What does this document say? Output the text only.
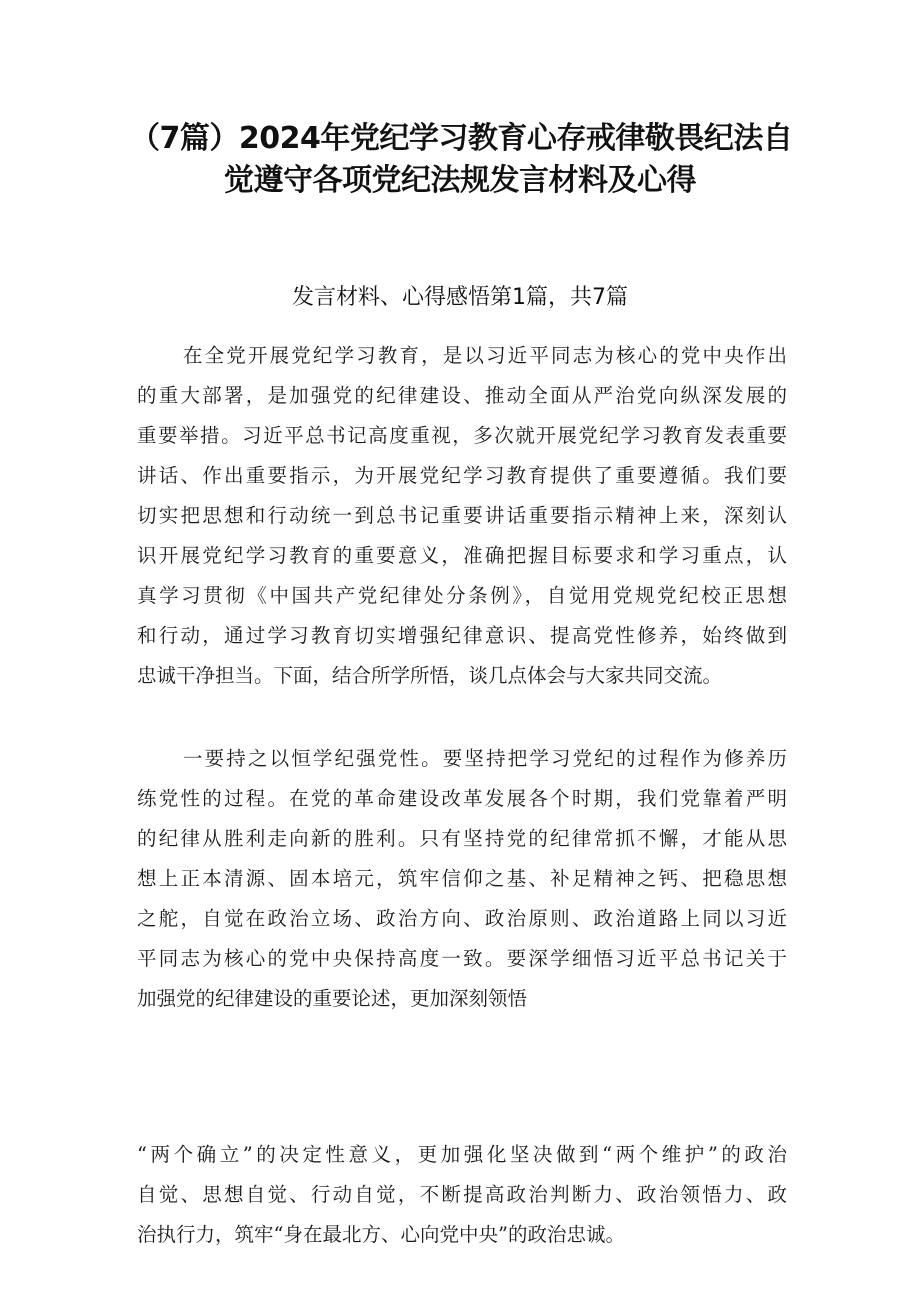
（7篇）2024年党纪学习教育心存戒律敬畏纪法自
觉遵守各项党纪法规发言材料及心得
发言材料、心得感悟第1篇，共7篇
在全党开展党纪学习教育，是以习近平同志为核心的党中央作出
的重大部署，是加强党的纪律建设、推动全面从严治党向纵深发展的
重要举措。习近平总书记高度重视，多次就开展党纪学习教育发表重要
讲话、作出重要指示，为开展党纪学习教育提供了重要遵循。我们要
切实把思想和行动统一到总书记重要讲话重要指示精神上来，深刻认
识开展党纪学习教育的重要意义，准确把握目标要求和学习重点，认
真学习贯彻《中国共产党纪律处分条例》，自觉用党规党纪校正思想
和行动，通过学习教育切实增强纪律意识、提高党性修养，始终做到
忠诚干净担当。下面，结合所学所悟，谈几点体会与大家共同交流。
一要持之以恒学纪强党性。要坚持把学习党纪的过程作为修养历
练党性的过程。在党的革命建设改革发展各个时期，我们党靠着严明
的纪律从胜利走向新的胜利。只有坚持党的纪律常抓不懈，才能从思
想上正本清源、固本培元，筑牢信仰之基、补足精神之钙、把稳思想
之舵，自觉在政治立场、政治方向、政治原则、政治道路上同以习近
平同志为核心的党中央保持高度一致。要深学细悟习近平总书记关于
加强党的纪律建设的重要论述，更加深刻领悟
“两个确立”的决定性意义，更加强化坚决做到“两个维护”的政治
自觉、思想自觉、行动自觉，不断提高政治判断力、政治领悟力、政
治执行力，筑牢“身在最北方、心向党中央”的政治忠诚。
